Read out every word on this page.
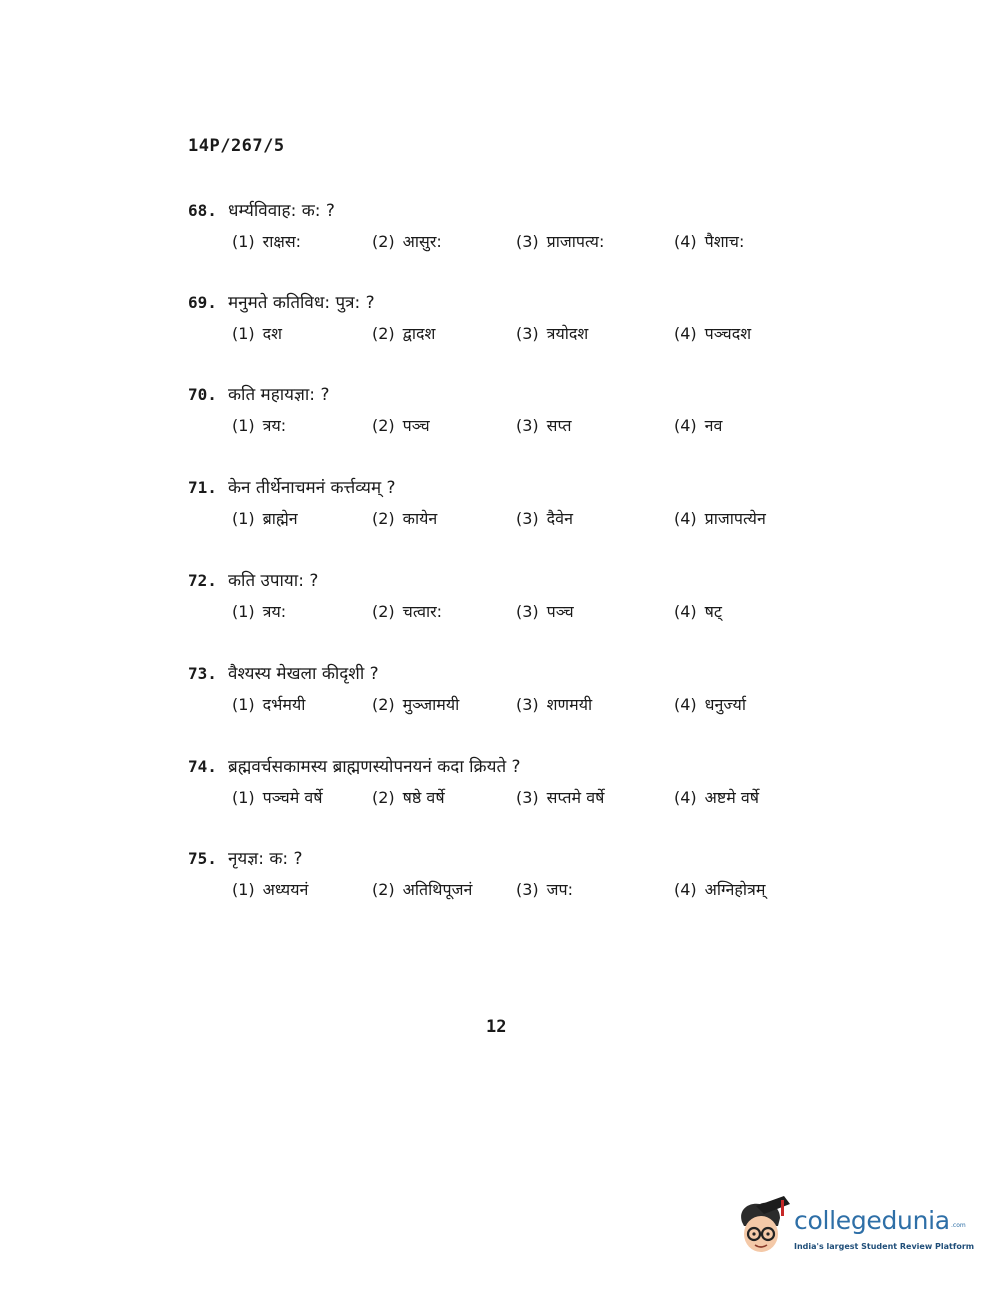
14P/267/5
68. धर्म्यविवाह: क: ?
(1) राक्षस:	(2) आसुर:	(3) प्राजापत्य:	(4) पैशाच:
69. मनुमते कतिविध: पुत्र: ?
(1) दश	(2) द्वादश	(3) त्रयोदश	(4) पञ्चदश
70. कति महायज्ञा: ?
(1) त्रय:	(2) पञ्च	(3) सप्त	(4) नव
71. केन तीर्थेनाचमनं कर्त्तव्यम् ?
(1) ब्राह्मेन	(2) कायेन	(3) दैवेन	(4) प्राजापत्येन
72. कति उपाया: ?
(1) त्रय:	(2) चत्वार:	(3) पञ्च	(4) षट्
73. वैश्यस्य मेखला कीदृशी ?
(1) दर्भमयी	(2) मुञ्जामयी	(3) शणमयी	(4) धनुर्ज्या
74. ब्रह्मवर्चसकामस्य ब्राह्मणस्योपनयनं कदा क्रियते ?
(1) पञ्चमे वर्षे	(2) षष्ठे वर्षे	(3) सप्तमे वर्षे	(4) अष्टमे वर्षे
75. नृयज्ञ: क: ?
(1) अध्ययनं	(2) अतिथिपूजनं	(3) जप:	(4) अग्निहोत्रम्
12
collegedunia .com
India's largest Student Review Platform
